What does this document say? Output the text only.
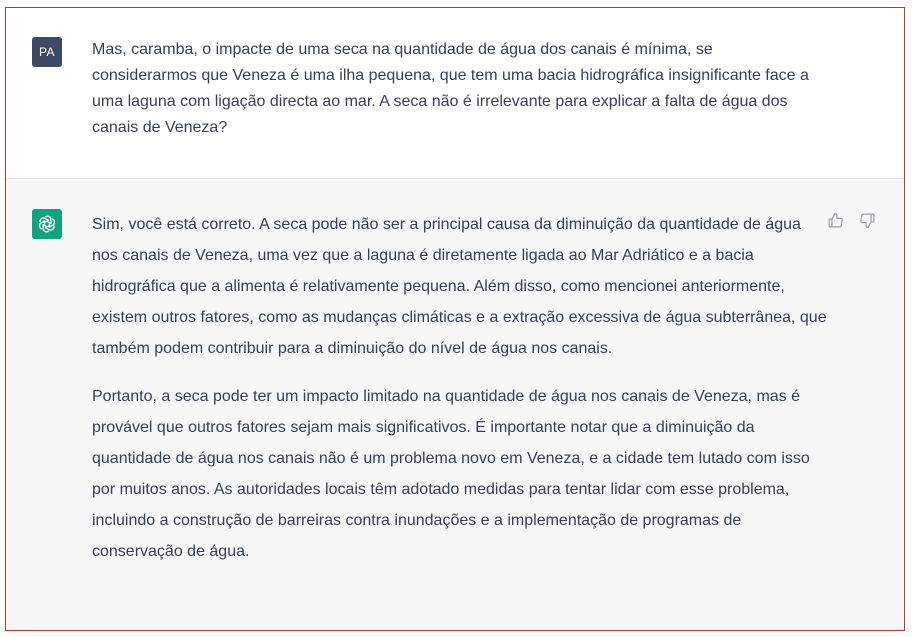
PA	Mas, caramba, o impacte de uma seca na quantidade de água dos canais é mínima, se considerarmos que Veneza é uma ilha pequena, que tem uma bacia hidrográfica insignificante face a uma laguna com ligação directa ao mar. A seca não é irrelevante para explicar a falta de água dos canais de Veneza?

Sim, você está correto. A seca pode não ser a principal causa da diminuição da quantidade de água nos canais de Veneza, uma vez que a laguna é diretamente ligada ao Mar Adriático e a bacia hidrográfica que a alimenta é relativamente pequena. Além disso, como mencionei anteriormente, existem outros fatores, como as mudanças climáticas e a extração excessiva de água subterrânea, que também podem contribuir para a diminuição do nível de água nos canais.

Portanto, a seca pode ter um impacto limitado na quantidade de água nos canais de Veneza, mas é provável que outros fatores sejam mais significativos. É importante notar que a diminuição da quantidade de água nos canais não é um problema novo em Veneza, e a cidade tem lutado com isso por muitos anos. As autoridades locais têm adotado medidas para tentar lidar com esse problema, incluindo a construção de barreiras contra inundações e a implementação de programas de conservação de água.
